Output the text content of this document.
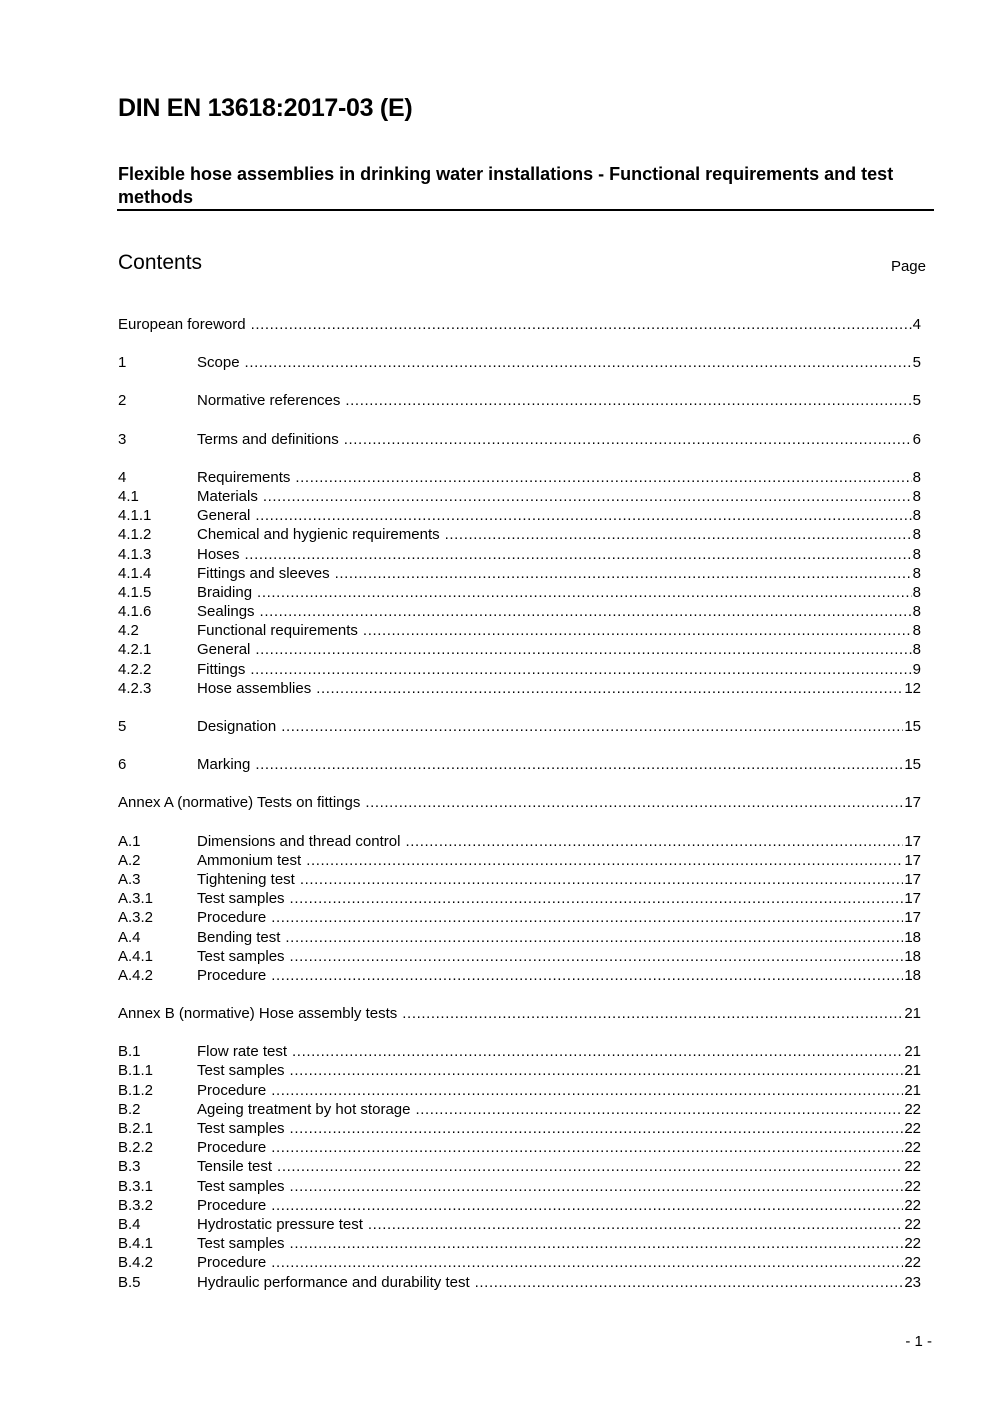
DIN EN 13618:2017-03 (E)
Flexible hose assemblies in drinking water installations - Functional requirements and test methods
Contents	Page
European foreword .....	4
1	Scope .....	5
2	Normative references .....	5
3	Terms and definitions .....	6
4	Requirements .....	8
4.1	Materials .....	8
4.1.1	General .....	8
4.1.2	Chemical and hygienic requirements .....	8
4.1.3	Hoses .....	8
4.1.4	Fittings and sleeves .....	8
4.1.5	Braiding .....	8
4.1.6	Sealings .....	8
4.2	Functional requirements .....	8
4.2.1	General .....	8
4.2.2	Fittings .....	9
4.2.3	Hose assemblies .....	12
5	Designation .....	15
6	Marking .....	15
Annex A (normative) Tests on fittings .....	17
A.1	Dimensions and thread control .....	17
A.2	Ammonium test .....	17
A.3	Tightening test .....	17
A.3.1	Test samples .....	17
A.3.2	Procedure .....	17
A.4	Bending test .....	18
A.4.1	Test samples .....	18
A.4.2	Procedure .....	18
Annex B (normative) Hose assembly tests .....	21
B.1	Flow rate test .....	21
B.1.1	Test samples .....	21
B.1.2	Procedure .....	21
B.2	Ageing treatment by hot storage .....	22
B.2.1	Test samples .....	22
B.2.2	Procedure .....	22
B.3	Tensile test .....	22
B.3.1	Test samples .....	22
B.3.2	Procedure .....	22
B.4	Hydrostatic pressure test .....	22
B.4.1	Test samples .....	22
B.4.2	Procedure .....	22
B.5	Hydraulic performance and durability test .....	23
- 1 -
